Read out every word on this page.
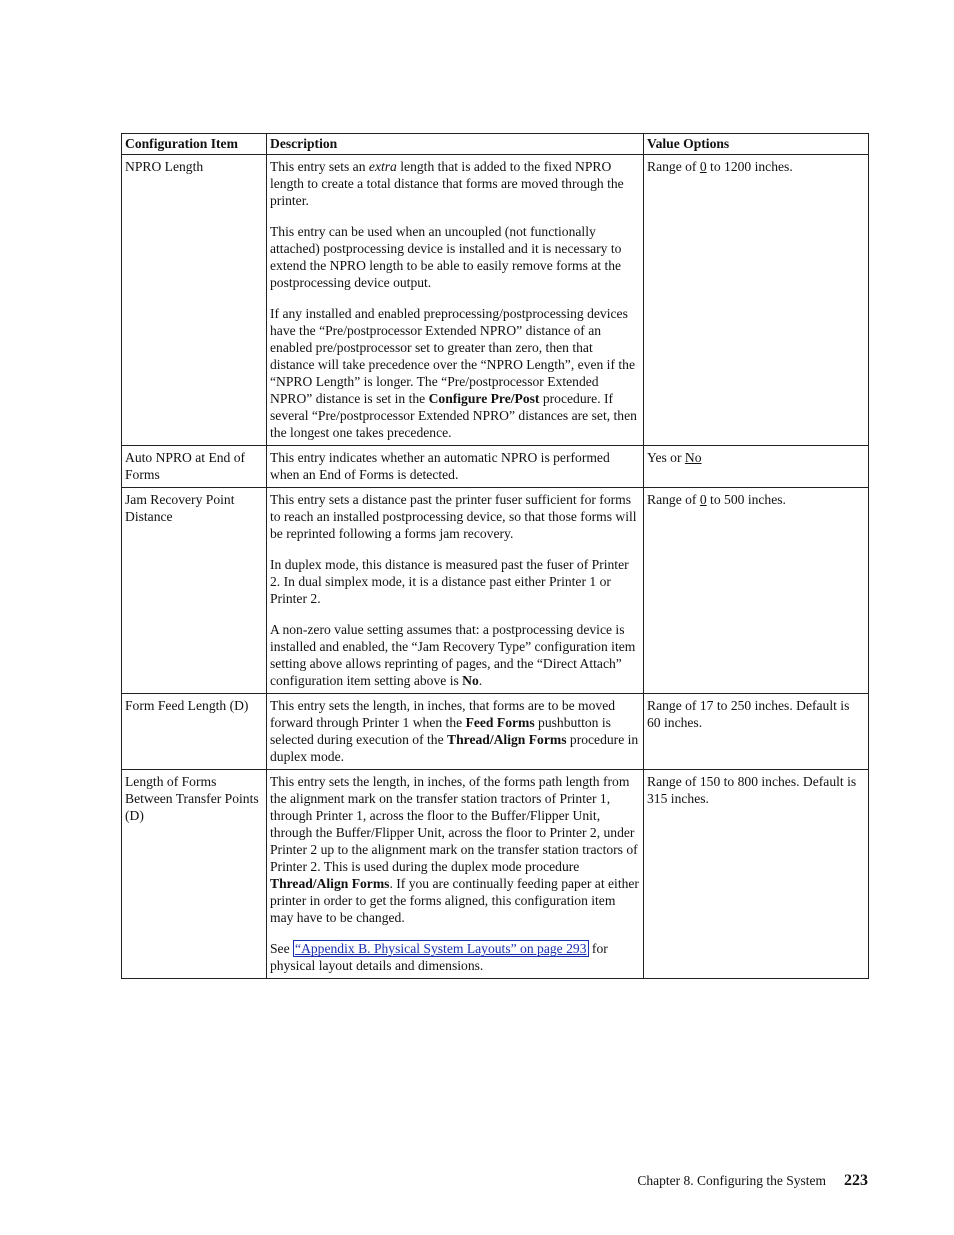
Configuration Item	Description	Value Options
NPRO Length	This entry sets an extra length that is added to the fixed NPRO length to create a total distance that forms are moved through the printer.

This entry can be used when an uncoupled (not functionally attached) postprocessing device is installed and it is necessary to extend the NPRO length to be able to easily remove forms at the postprocessing device output.

If any installed and enabled preprocessing/postprocessing devices have the “Pre/postprocessor Extended NPRO” distance of an enabled pre/postprocessor set to greater than zero, then that distance will take precedence over the “NPRO Length”, even if the “NPRO Length” is longer. The “Pre/postprocessor Extended NPRO” distance is set in the Configure Pre/Post procedure. If several “Pre/postprocessor Extended NPRO” distances are set, then the longest one takes precedence.	Range of 0 to 1200 inches.
Auto NPRO at End of Forms	This entry indicates whether an automatic NPRO is performed when an End of Forms is detected.	Yes or No
Jam Recovery Point Distance	This entry sets a distance past the printer fuser sufficient for forms to reach an installed postprocessing device, so that those forms will be reprinted following a forms jam recovery.

In duplex mode, this distance is measured past the fuser of Printer 2. In dual simplex mode, it is a distance past either Printer 1 or Printer 2.

A non-zero value setting assumes that: a postprocessing device is installed and enabled, the “Jam Recovery Type” configuration item setting above allows reprinting of pages, and the “Direct Attach” configuration item setting above is No.	Range of 0 to 500 inches.
Form Feed Length (D)	This entry sets the length, in inches, that forms are to be moved forward through Printer 1 when the Feed Forms pushbutton is selected during execution of the Thread/Align Forms procedure in duplex mode.	Range of 17 to 250 inches. Default is 60 inches.
Length of Forms Between Transfer Points (D)	This entry sets the length, in inches, of the forms path length from the alignment mark on the transfer station tractors of Printer 1, through Printer 1, across the floor to the Buffer/Flipper Unit, through the Buffer/Flipper Unit, across the floor to Printer 2, under Printer 2 up to the alignment mark on the transfer station tractors of Printer 2. This is used during the duplex mode procedure Thread/Align Forms. If you are continually feeding paper at either printer in order to get the forms aligned, this configuration item may have to be changed.

See “Appendix B. Physical System Layouts” on page 293 for physical layout details and dimensions.	Range of 150 to 800 inches. Default is 315 inches.
Chapter 8. Configuring the System 223
